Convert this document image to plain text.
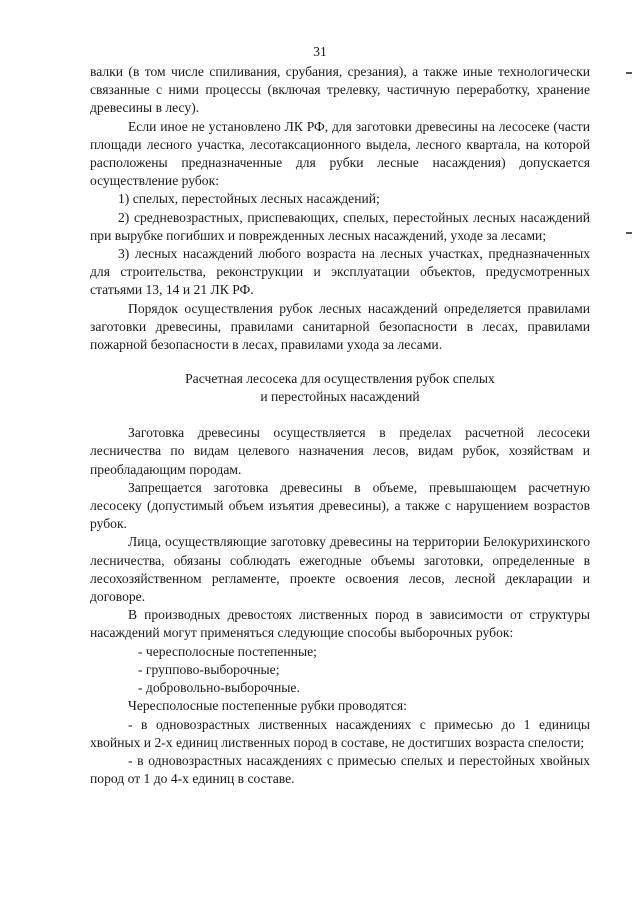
31

валки (в том числе спиливания, срубания, срезания), а также иные технологически связанные с ними процессы (включая трелевку, частичную переработку, хранение древесины в лесу).

Если иное не установлено ЛК РФ, для заготовки древесины на лесосеке (части площади лесного участка, лесотаксационного выдела, лесного квартала, на которой расположены предназначенные для рубки лесные насаждения) допускается осуществление рубок:

1) спелых, перестойных лесных насаждений;

2) средневозрастных, приспевающих, спелых, перестойных лесных насаждений при вырубке погибших и поврежденных лесных насаждений, уходе за лесами;

3) лесных насаждений любого возраста на лесных участках, предназначенных для строительства, реконструкции и эксплуатации объектов, предусмотренных статьями 13, 14 и 21 ЛК РФ.

Порядок осуществления рубок лесных насаждений определяется правилами заготовки древесины, правилами санитарной безопасности в лесах, правилами пожарной безопасности в лесах, правилами ухода за лесами.

Расчетная лесосека для осуществления рубок спелых
и перестойных насаждений

Заготовка древесины осуществляется в пределах расчетной лесосеки лесничества по видам целевого назначения лесов, видам рубок, хозяйствам и преобладающим породам.

Запрещается заготовка древесины в объеме, превышающем расчетную лесосеку (допустимый объем изъятия древесины), а также с нарушением возрастов рубок.

Лица, осуществляющие заготовку древесины на территории Белокурихинского лесничества, обязаны соблюдать ежегодные объемы заготовки, определенные в лесохозяйственном регламенте, проекте освоения лесов, лесной декларации и договоре.

В производных древостоях лиственных пород в зависимости от структуры насаждений могут применяться следующие способы выборочных рубок:

- чересполосные постепенные;

- группово-выборочные;

- добровольно-выборочные.

Чересполосные постепенные рубки проводятся:

- в одновозрастных лиственных насаждениях с примесью до 1 единицы хвойных и 2-х единиц лиственных пород в составе, не достигших возраста спелости;

- в одновозрастных насаждениях с примесью спелых и перестойных хвойных пород от 1 до 4-х единиц в составе.
